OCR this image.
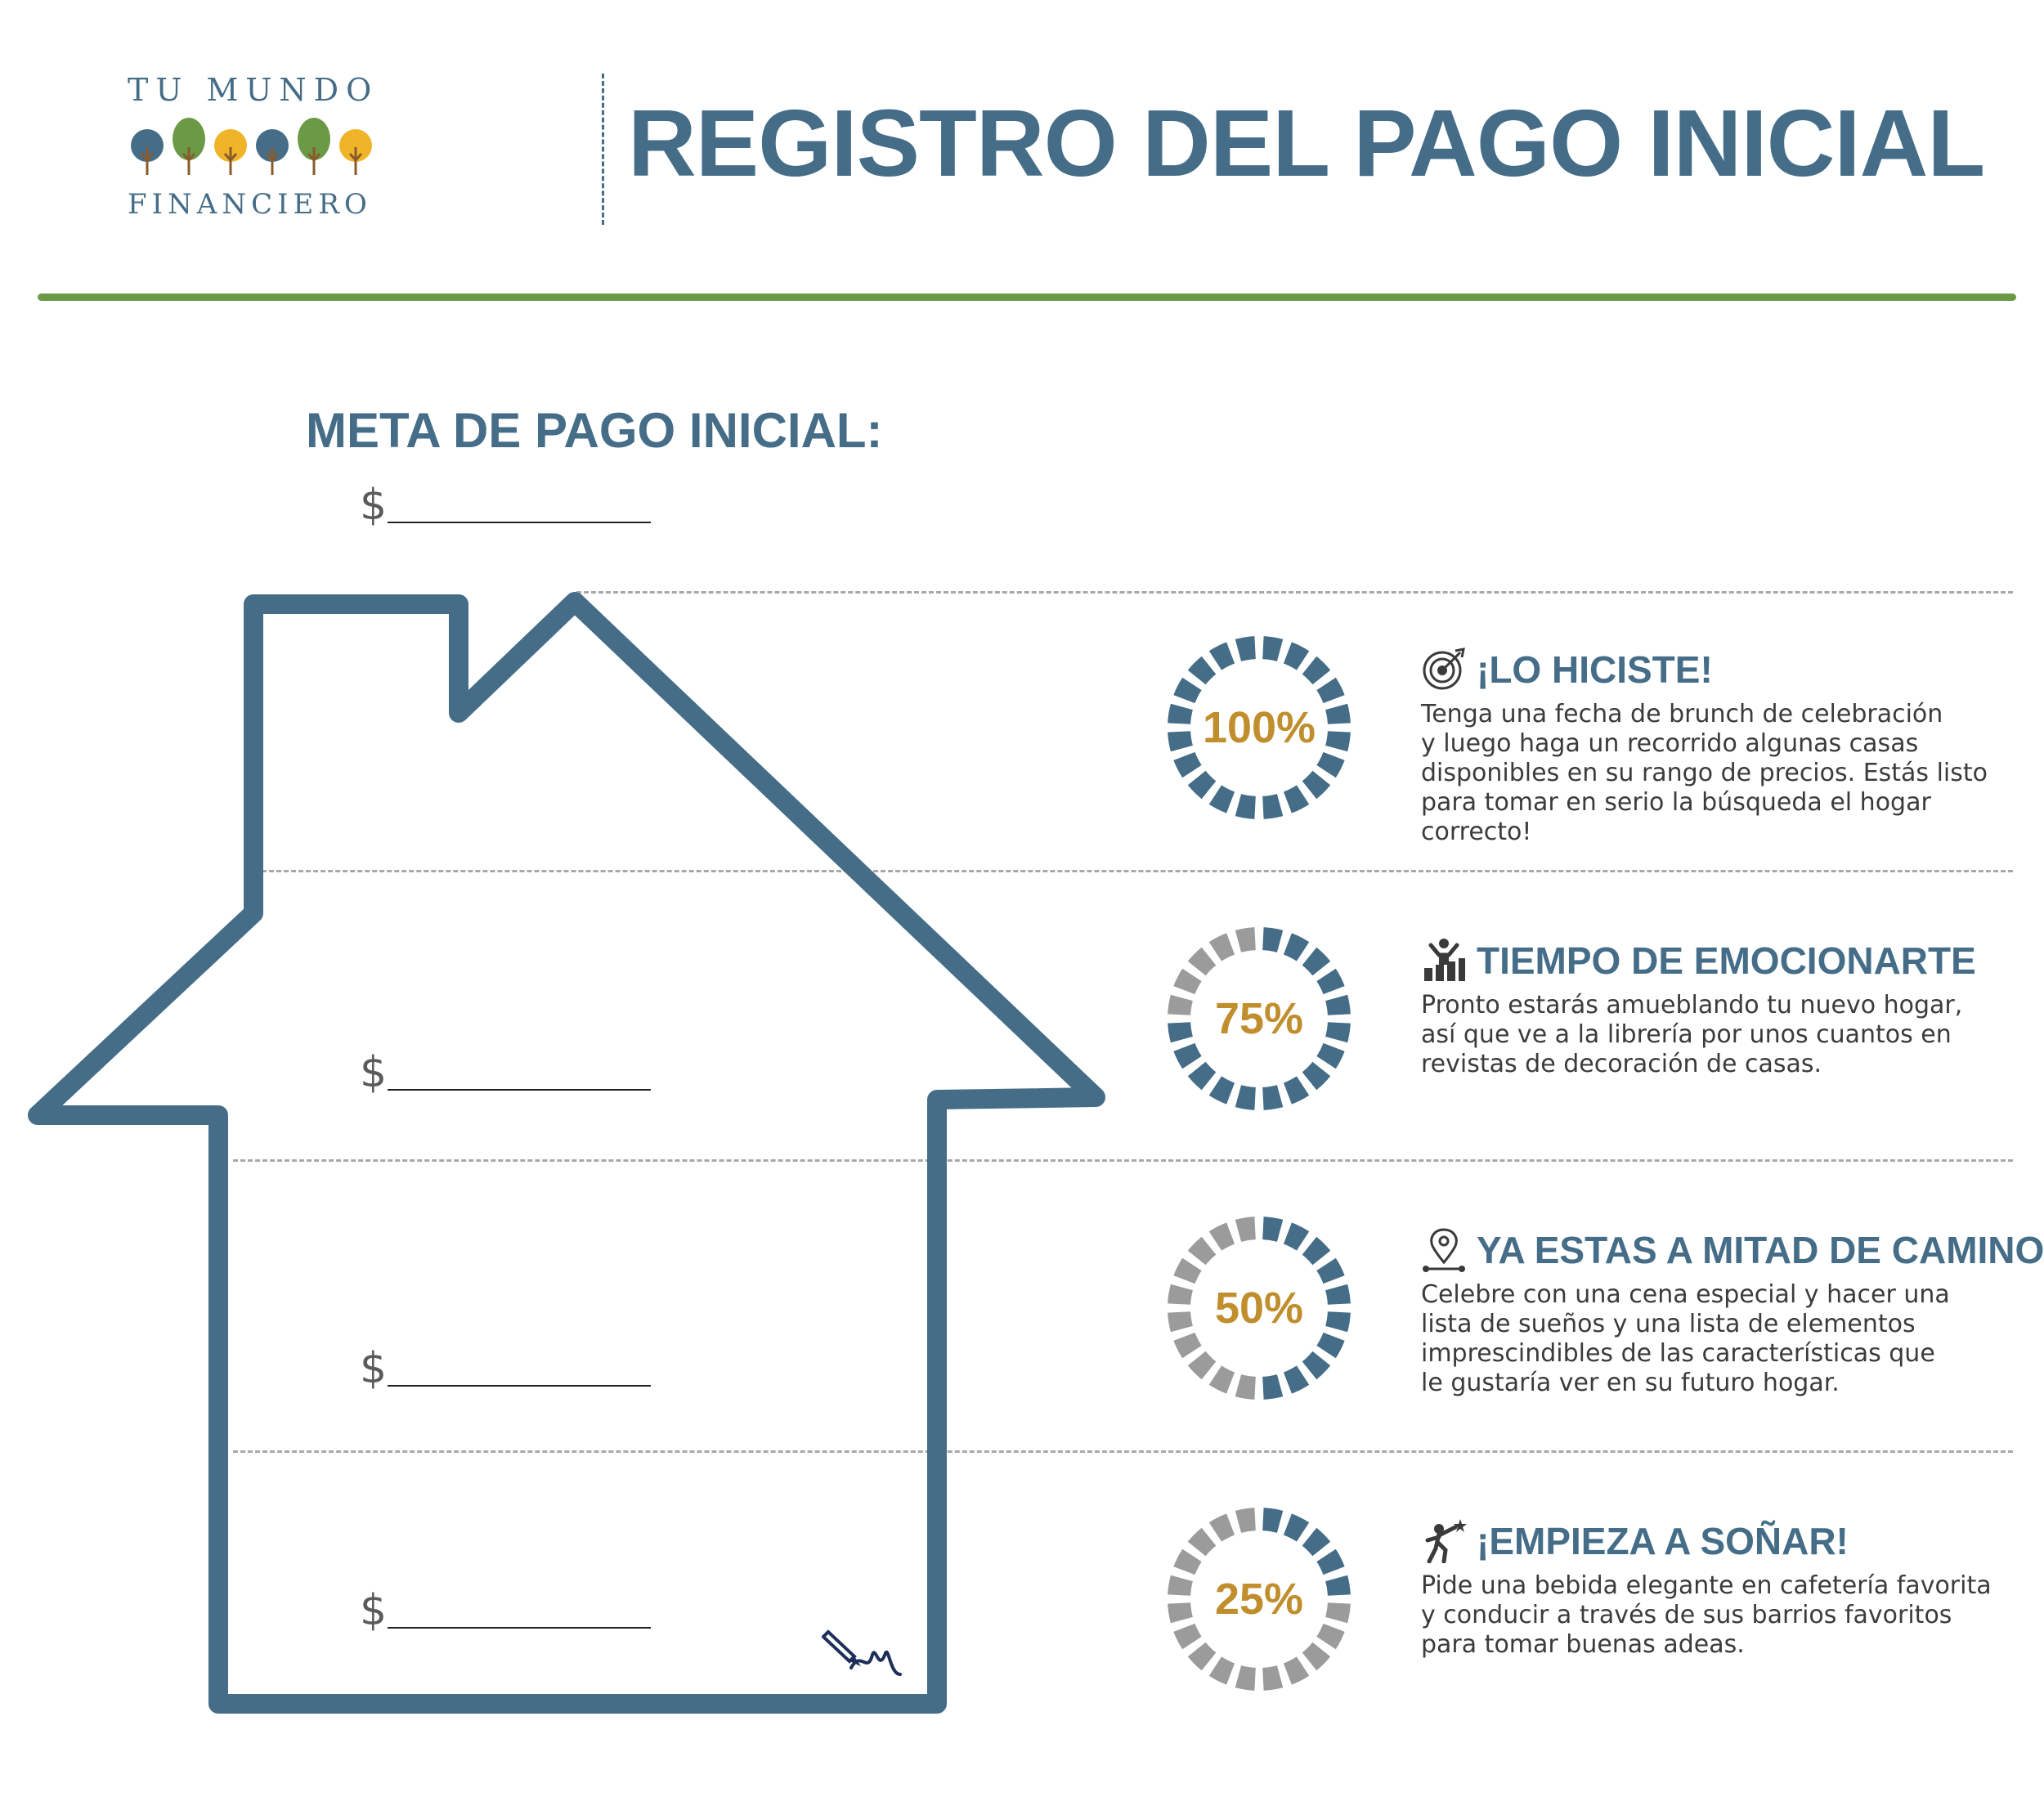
TU MUNDO
FINANCIERO
REGISTRO DEL PAGO INICIAL
META DE PAGO INICIAL:
$
$
$
$
100%
¡LO HICISTE!

Tenga una fecha de brunch de celebración
y luego haga un recorrido algunas casas
disponibles en su rango de precios. Estás listo
para tomar en serio la búsqueda el hogar
correcto!

75%
TIEMPO DE EMOCIONARTE

Pronto estarás amueblando tu nuevo hogar,
así que ve a la librería por unos cuantos en
revistas de decoración de casas.

50%
YA ESTAS A MITAD DE CAMINO

Celebre con una cena especial y hacer una
lista de sueños y una lista de elementos
imprescindibles de las características que
le gustaría ver en su futuro hogar.

25%
¡EMPIEZA A SOÑAR!

Pide una bebida elegante en cafetería favorita
y conducir a través de sus barrios favoritos
para tomar buenas adeas.
